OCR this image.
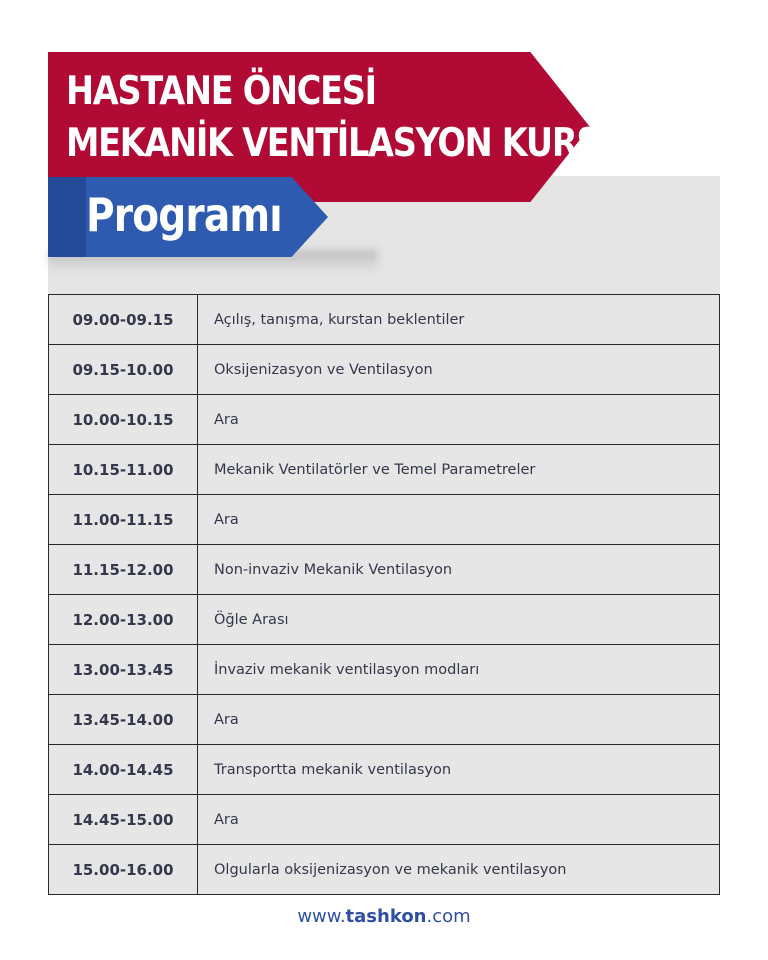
HASTANE ÖNCESİ
MEKANİK VENTİLASYON KURSU
Programı
09.00-09.15	Açılış, tanışma, kurstan beklentiler
09.15-10.00	Oksijenizasyon ve Ventilasyon
10.00-10.15	Ara
10.15-11.00	Mekanik Ventilatörler ve Temel Parametreler
11.00-11.15	Ara
11.15-12.00	Non-invaziv Mekanik Ventilasyon
12.00-13.00	Öğle Arası
13.00-13.45	İnvaziv mekanik ventilasyon modları
13.45-14.00	Ara
14.00-14.45	Transportta mekanik ventilasyon
14.45-15.00	Ara
15.00-16.00	Olgularla oksijenizasyon ve mekanik ventilasyon
www.tashkon.com
